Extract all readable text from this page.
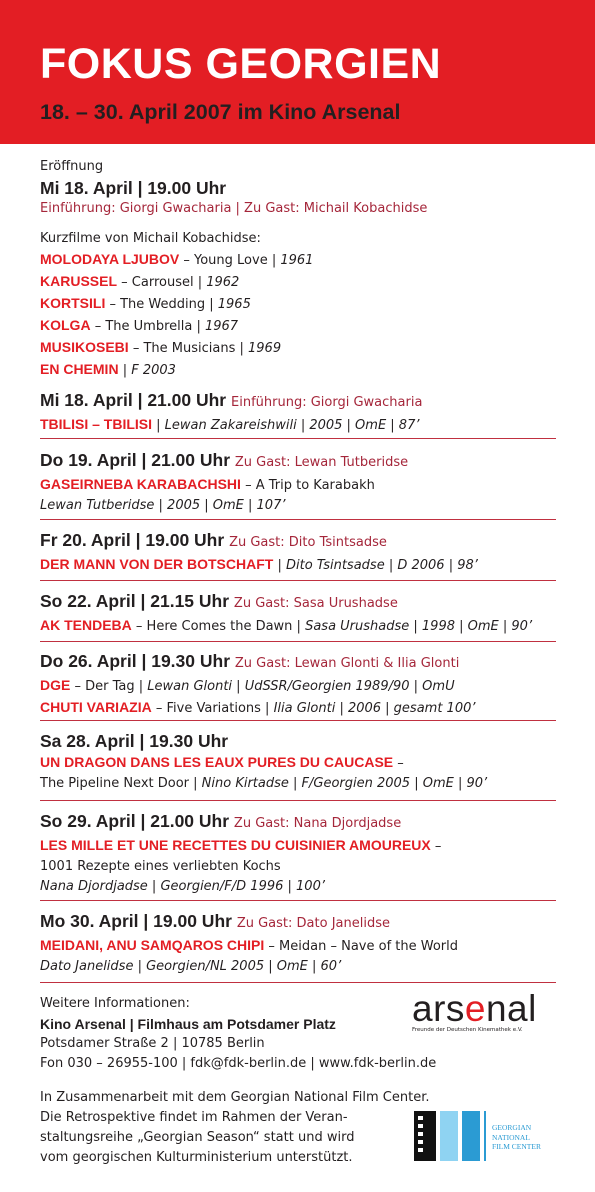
FOKUS GEORGIEN
18. – 30. April 2007 im Kino Arsenal
Eröffnung
Mi 18. April | 19.00 Uhr
Einführung: Giorgi Gwacharia | Zu Gast: Michail Kobachidse
Kurzfilme von Michail Kobachidse:
MOLODAYA LJUBOV – Young Love | 1961
KARUSSEL – Carrousel | 1962
KORTSILI – The Wedding | 1965
KOLGA – The Umbrella | 1967
MUSIKOSEBI – The Musicians | 1969
EN CHEMIN | F 2003
Mi 18. April | 21.00 Uhr Einführung: Giorgi Gwacharia
TBILISI – TBILISI | Lewan Zakareishwili | 2005 | OmE | 87’
Do 19. April | 21.00 Uhr Zu Gast: Lewan Tutberidse
GASEIRNEBA KARABACHSHI – A Trip to Karabakh
Lewan Tutberidse | 2005 | OmE | 107’
Fr 20. April | 19.00 Uhr Zu Gast: Dito Tsintsadse
DER MANN VON DER BOTSCHAFT | Dito Tsintsadse | D 2006 | 98’
So 22. April | 21.15 Uhr Zu Gast: Sasa Urushadse
AK TENDEBA – Here Comes the Dawn | Sasa Urushadse | 1998 | OmE | 90’
Do 26. April | 19.30 Uhr Zu Gast: Lewan Glonti & Ilia Glonti
DGE – Der Tag | Lewan Glonti | UdSSR/Georgien 1989/90 | OmU
CHUTI VARIAZIA – Five Variations | Ilia Glonti | 2006 | gesamt 100’
Sa 28. April | 19.30 Uhr
UN DRAGON DANS LES EAUX PURES DU CAUCASE –
The Pipeline Next Door | Nino Kirtadse | F/Georgien 2005 | OmE | 90’
So 29. April | 21.00 Uhr Zu Gast: Nana Djordjadse
LES MILLE ET UNE RECETTES DU CUISINIER AMOUREUX –
1001 Rezepte eines verliebten Kochs
Nana Djordjadse | Georgien/F/D 1996 | 100’
Mo 30. April | 19.00 Uhr Zu Gast: Dato Janelidse
MEIDANI, ANU SAMQAROS CHIPI – Meidan – Nave of the World
Dato Janelidse | Georgien/NL 2005 | OmE | 60’
Weitere Informationen:
Kino Arsenal | Filmhaus am Potsdamer Platz
Potsdamer Straße 2 | 10785 Berlin
Fon 030 – 26955-100 | fdk@fdk-berlin.de | www.fdk-berlin.de
In Zusammenarbeit mit dem Georgian National Film Center.
Die Retrospektive findet im Rahmen der Veran-
staltungsreihe „Georgian Season“ statt und wird
vom georgischen Kulturministerium unterstützt.
arsenal
Freunde der Deutschen Kinemathek e.V.
GEORGIAN
NATIONAL
FILM CENTER
